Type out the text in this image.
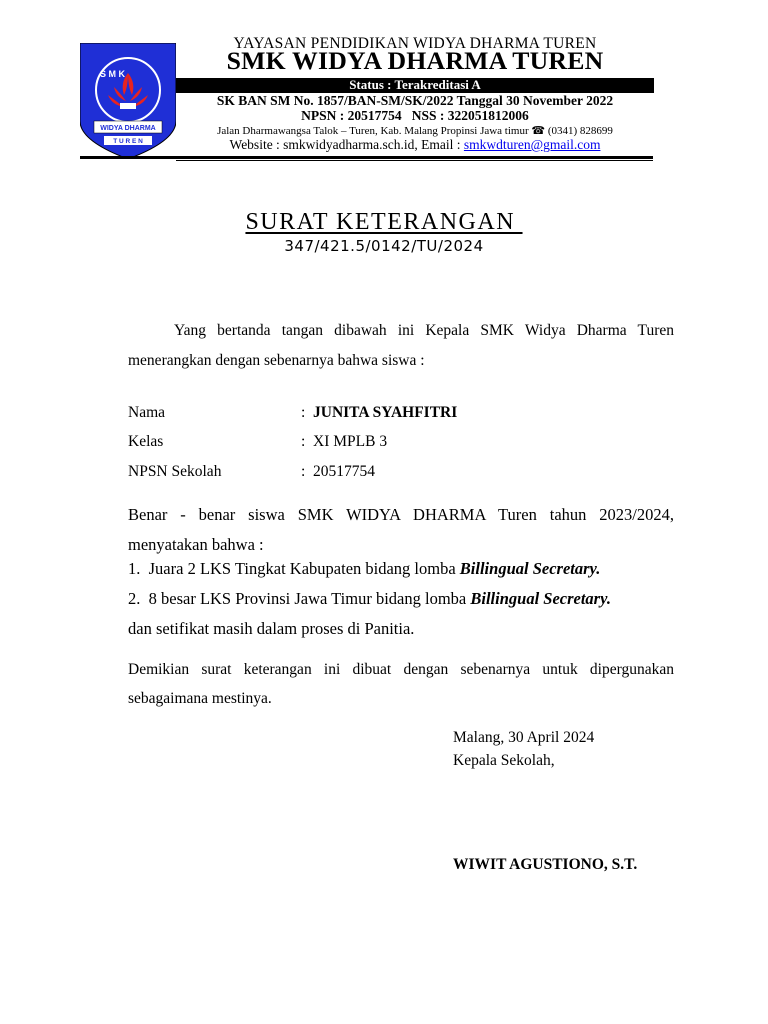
S M K
WIDYA DHARMA
T U R E N
YAYASAN PENDIDIKAN WIDYA DHARMA TUREN
SMK WIDYA DHARMA TUREN
Status : Terakreditasi A
SK BAN SM No. 1857/BAN-SM/SK/2022 Tanggal 30 November 2022
NPSN : 20517754   NSS : 322051812006
Jalan Dharmawangsa Talok – Turen, Kab. Malang Propinsi Jawa timur ☎ (0341) 828699
Website : smkwidyadharma.sch.id, Email : smkwdturen@gmail.com
SURAT KETERANGAN
347/421.5/0142/TU/2024
Yang bertanda tangan dibawah ini Kepala SMK Widya Dharma Turen menerangkan dengan sebenarnya bahwa siswa :
Nama	: JUNITA SYAHFITRI
Kelas	: XI MPLB 3
NPSN Sekolah	: 20517754
Benar - benar siswa SMK WIDYA DHARMA Turen tahun 2023/2024, menyatakan bahwa :
1.  Juara 2 LKS Tingkat Kabupaten bidang lomba Billingual Secretary.
2.  8 besar LKS Provinsi Jawa Timur bidang lomba Billingual Secretary.
dan setifikat masih dalam proses di Panitia.
Demikian surat keterangan ini dibuat dengan sebenarnya untuk dipergunakan sebagaimana mestinya.
Malang, 30 April 2024
Kepala Sekolah,
WIWIT AGUSTIONO, S.T.
